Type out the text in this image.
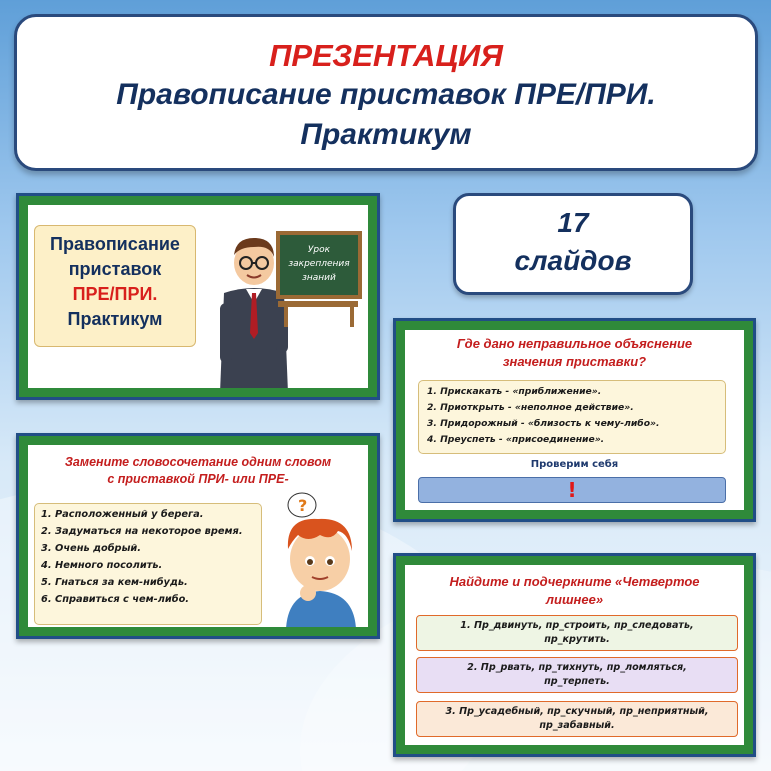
ПРЕЗЕНТАЦИЯ
Правописание приставок ПРЕ/ПРИ.
Практикум
17
слайдов
Правописание
приставок
ПРЕ/ПРИ.
Практикум
Урок
закрепления
знаний
Где дано неправильное объяснение
значения приставки?
1. Прискакать - «приближение».
2. Приоткрыть - «неполное действие».
3. Придорожный - «близость к чему-либо».
4. Преуспеть - «присоединение».
Проверим себя
!
Замените словосочетание одним словом
с приставкой ПРИ- или ПРЕ-
1. Расположенный у берега.
2. Задуматься на некоторое время.
3. Очень добрый.
4. Немного посолить.
5. Гнаться за кем-нибудь.
6. Справиться с чем-либо.
?
Найдите и подчеркните «Четвертое
лишнее»
1. Пр_двинуть, пр_строить, пр_следовать,
пр_крутить.
2. Пр_рвать, пр_тихнуть, пр_ломляться,
пр_терпеть.
3. Пр_усадебный, пр_скучный, пр_неприятный,
пр_забавный.
